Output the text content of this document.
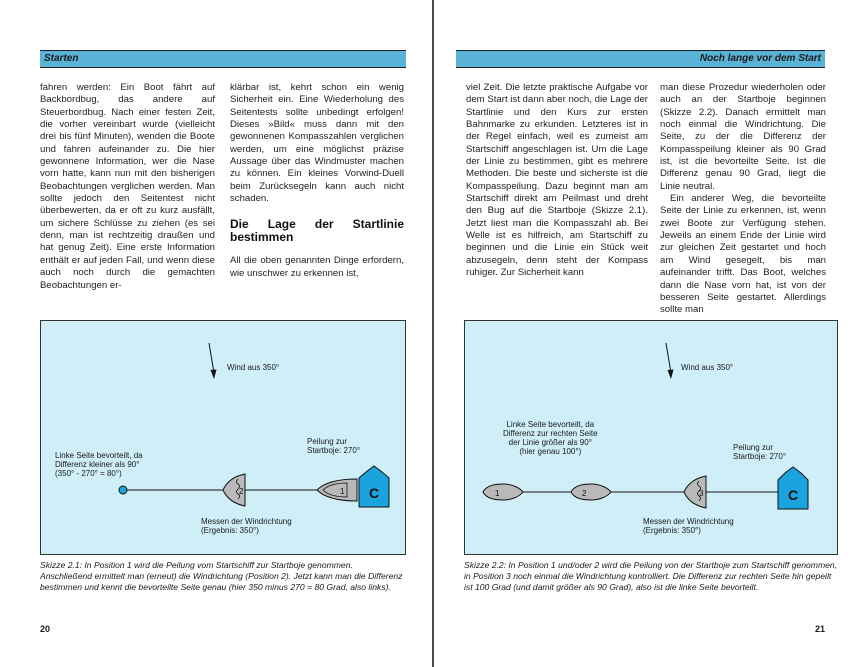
Starten

fahren werden: Ein Boot fährt auf Backbordbug, das andere auf Steuerbordbug. Nach einer festen Zeit, die vorher vereinbart wurde (vielleicht drei bis fünf Minuten), wenden die Boote und fahren aufeinander zu. Die hier gewonnene Information, wer die Nase vorn hatte, kann nun mit den bisherigen Beobachtungen verglichen werden. Man sollte jedoch den Seitentest nicht überbewerten, da er oft zu kurz ausfällt, um sichere Schlüsse zu ziehen (es sei denn, man ist rechtzeitig draußen und hat genug Zeit). Eine erste Information enthält er auf jeden Fall, und wenn diese auch noch durch die gemachten Beobachtungen er-

klärbar ist, kehrt schon ein wenig Sicherheit ein. Eine Wiederholung des Seitentests sollte unbedingt erfolgen! Dieses »Bild« muss dann mit den gewonnenen Kompasszahlen verglichen werden, um eine möglichst präzise Aussage über das Windmuster machen zu können. Ein kleines Vorwind-Duell beim Zurücksegeln kann auch nicht schaden.

Die Lage der Startlinie bestimmen

All die oben genannten Dinge erfordern, wie unschwer zu erkennen ist,

2	1 C
Wind aus 350°
Peilung zur
Startboje: 270°
Linke Seite bevorteilt, da
Differenz kleiner als 90°
(350° - 270° = 80°)
Messen der Windrichtung
(Ergebnis: 350°)
Skizze 2.1: In Position 1 wird die Peilung vom Startschiff zur Startboje genommen. Anschließend ermittelt man (erneut) die Windrichtung (Position 2). Jetzt kann man die Differenz bestimmen und kennt die bevorteilte Seite genau (hier 350 minus 270 = 80 Grad, also links).
20
Noch lange vor dem Start

viel Zeit. Die letzte praktische Aufgabe vor dem Start ist dann aber noch, die Lage der Startlinie und den Kurs zur ersten Bahnmarke zu erkunden. Letzteres ist in der Regel einfach, weil es zumeist am Startschiff angeschlagen ist. Um die Lage der Linie zu bestimmen, gibt es mehrere Methoden. Die beste und sicherste ist die Kompasspeilung. Dazu beginnt man am Startschiff direkt am Peilmast und dreht den Bug auf die Startboje (Skizze 2.1). Jetzt liest man die Kompasszahl ab. Bei Welle ist es hilfreich, am Startschiff zu beginnen und die Linie ein Stück weit abzusegeln, denn steht der Kompass ruhiger. Zur Sicherheit kann

man diese Prozedur wiederholen oder auch an der Startboje beginnen (Skizze 2.2). Danach ermittelt man noch einmal die Windrichtung. Die Seite, zu der die Differenz der Kompasspeilung kleiner als 90 Grad ist, ist die bevorteilte Seite. Ist die Differenz genau 90 Grad, liegt die Linie neutral.

Ein anderer Weg, die bevorteilte Seite der Linie zu erkennen, ist, wenn zwei Boote zur Verfügung stehen. Jeweils an einem Ende der Linie wird zur gleichen Zeit gestartet und hoch am Wind gesegelt, bis man aufeinander trifft. Das Boot, welches dann die Nase vorn hat, ist von der besseren Seite gestartet. Allerdings sollte man

1	2	3	C
Wind aus 350°
Linke Seite bevorteilt, da
Differenz zur rechten Seite
der Linie größer als 90°
(hier genau 100°)	Peilung zur
Startboje: 270°
Messen der Windrichtung
(Ergebnis: 350°)
Skizze 2.2: In Position 1 und/oder 2 wird die Peilung von der Startboje zum Startschiff genommen, in Position 3 noch einmal die Windrichtung kontrolliert. Die Differenz zur rechten Seite hin gepeilt ist 100 Grad (und damit größer als 90 Grad), also ist die linke Seite bevorteilt.
21
